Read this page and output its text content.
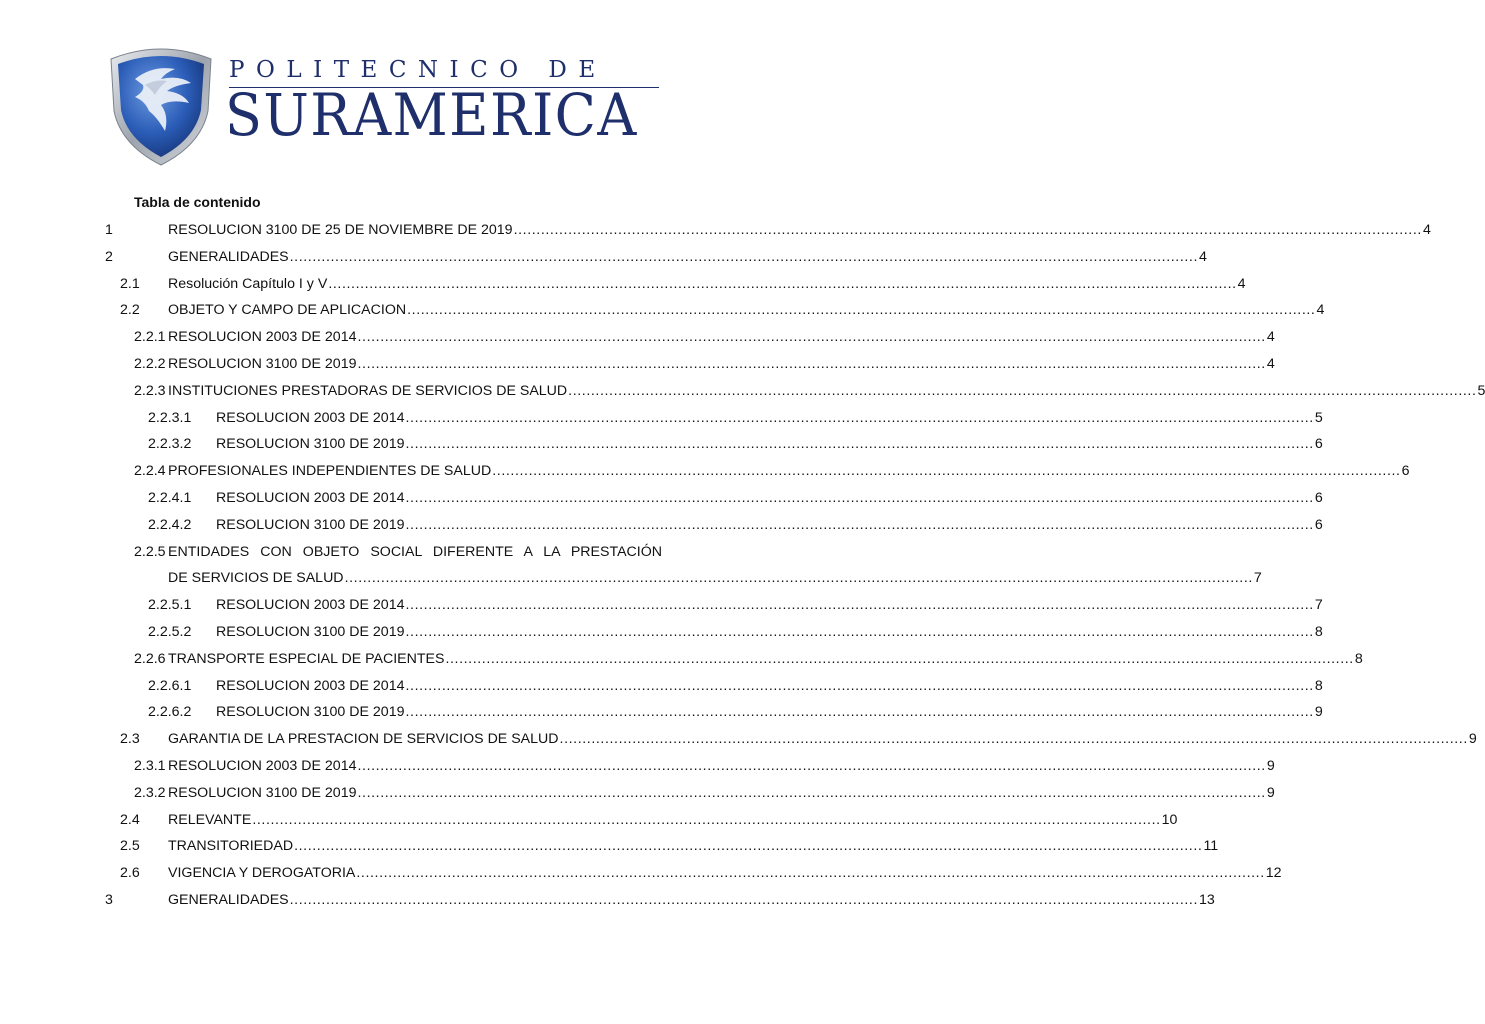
POLITECNICO DE
SURAMERICA
Tabla de contenido
1	RESOLUCION 3100 DE 25 DE NOVIEMBRE DE 2019 ........................................................................................................................................................................................................ 4
2	GENERALIDADES ........................................................................................................................................................................................................ 4
2.1	Resolución Capítulo I y V ........................................................................................................................................................................................................ 4
2.2	OBJETO Y CAMPO DE APLICACION ........................................................................................................................................................................................................ 4
2.2.1 RESOLUCION 2003 DE 2014 ........................................................................................................................................................................................................ 4
2.2.2 RESOLUCION 3100 DE 2019 ........................................................................................................................................................................................................ 4
2.2.3 INSTITUCIONES PRESTADORAS DE SERVICIOS DE SALUD ........................................................................................................................................................................................................ 5
2.2.3.1	RESOLUCION 2003 DE 2014 ........................................................................................................................................................................................................ 5
2.2.3.2	RESOLUCION 3100 DE 2019 ........................................................................................................................................................................................................ 6
2.2.4 PROFESIONALES INDEPENDIENTES DE SALUD ........................................................................................................................................................................................................ 6
2.2.4.1	RESOLUCION 2003 DE 2014 ........................................................................................................................................................................................................ 6
2.2.4.2	RESOLUCION 3100 DE 2019 ........................................................................................................................................................................................................ 6
2.2.5 ENTIDADES CON OBJETO SOCIAL DIFERENTE A LA PRESTACIÓN
DE SERVICIOS DE SALUD ........................................................................................................................................................................................................ 7
2.2.5.1	RESOLUCION 2003 DE 2014 ........................................................................................................................................................................................................ 7
2.2.5.2	RESOLUCION 3100 DE 2019 ........................................................................................................................................................................................................ 8
2.2.6 TRANSPORTE ESPECIAL DE PACIENTES ........................................................................................................................................................................................................ 8
2.2.6.1	RESOLUCION 2003 DE 2014 ........................................................................................................................................................................................................ 8
2.2.6.2	RESOLUCION 3100 DE 2019 ........................................................................................................................................................................................................ 9
2.3	GARANTIA DE LA PRESTACION DE SERVICIOS DE SALUD ........................................................................................................................................................................................................ 9
2.3.1 RESOLUCION 2003 DE 2014 ........................................................................................................................................................................................................ 9
2.3.2 RESOLUCION 3100 DE 2019 ........................................................................................................................................................................................................ 9
2.4	RELEVANTE ........................................................................................................................................................................................................ 10
2.5	TRANSITORIEDAD ........................................................................................................................................................................................................ 11
2.6	VIGENCIA Y DEROGATORIA ........................................................................................................................................................................................................ 12
3	GENERALIDADES ........................................................................................................................................................................................................ 13
